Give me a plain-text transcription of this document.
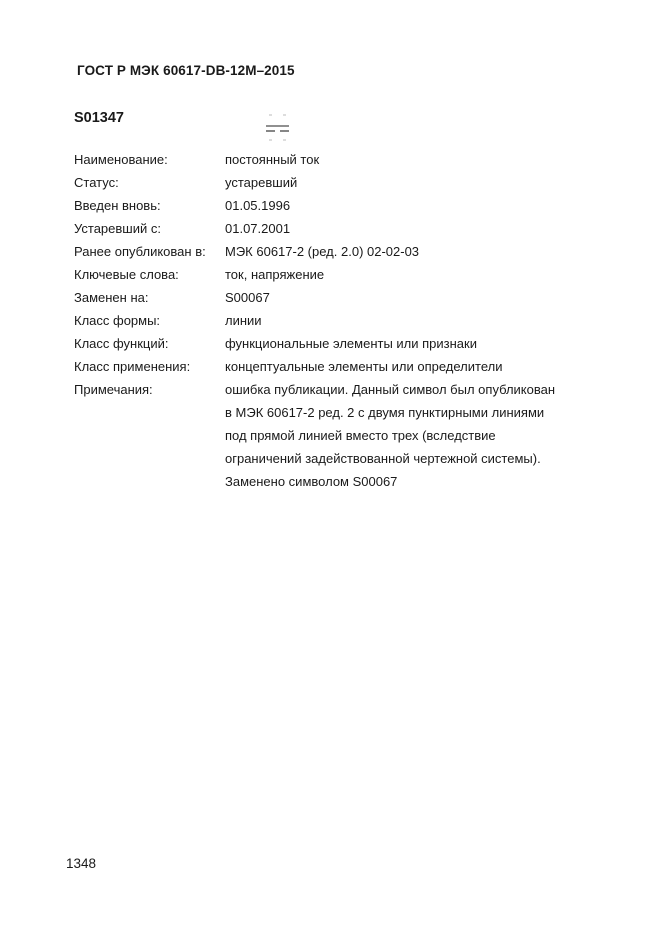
ГОСТ Р МЭК 60617-DB-12M–2015
S01347
Наименование:	постоянный ток
Статус:	устаревший
Введен вновь:	01.05.1996
Устаревший с:	01.07.2001
Ранее опубликован в:	МЭК 60617-2 (ред. 2.0) 02-02-03
Ключевые слова:	ток, напряжение
Заменен на:	S00067
Класс формы:	линии
Класс функций:	функциональные элементы или признаки
Класс применения:	концептуальные элементы или определители
Примечания:	ошибка публикации. Данный символ был опубликован
в МЭК 60617-2 ред. 2 с двумя пунктирными линиями
под прямой линией вместо трех (вследствие
ограничений задействованной чертежной системы).
Заменено символом S00067
1348
